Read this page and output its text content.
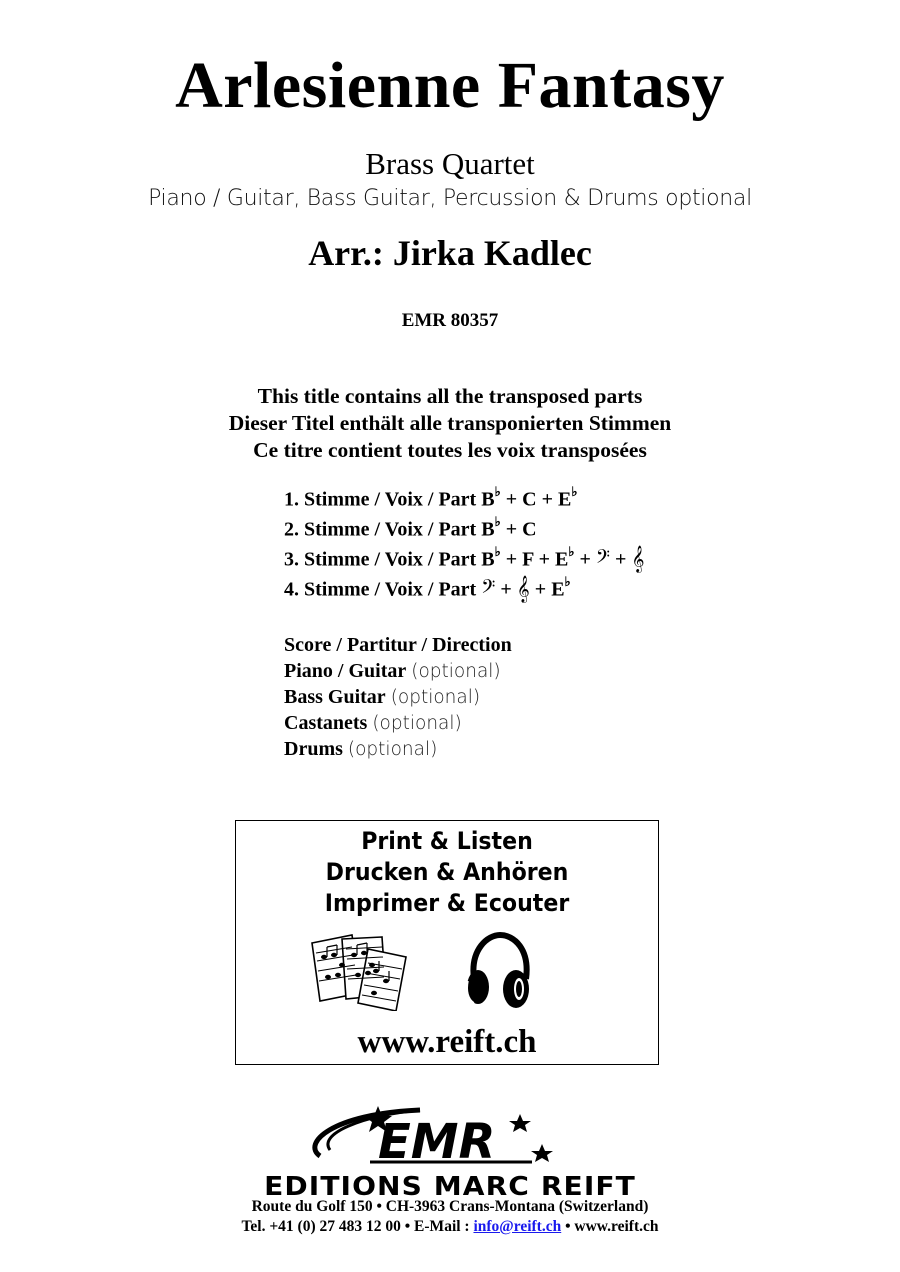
Arlesienne Fantasy
Brass Quartet
Piano / Guitar, Bass Guitar, Percussion & Drums optional
Arr.: Jirka Kadlec
EMR 80357
This title contains all the transposed parts
Dieser Titel enthält alle transponierten Stimmen
Ce titre contient toutes les voix transposées
1. Stimme / Voix / Part B♭ + C + E♭
2. Stimme / Voix / Part B♭ + C
3. Stimme / Voix / Part B♭ + F + E♭ + 𝄢 + 𝄞
4. Stimme / Voix / Part 𝄢 + 𝄞 + E♭
Score / Partitur / Direction
Piano / Guitar (optional)
Bass Guitar (optional)
Castanets (optional)
Drums (optional)
Print & Listen
Drucken & Anhören
Imprimer & Ecouter
www.reift.ch
EMR
EDITIONS MARC REIFT
Route du Golf 150 • CH-3963 Crans-Montana (Switzerland)
Tel. +41 (0) 27 483 12 00 • E-Mail : info@reift.ch • www.reift.ch
